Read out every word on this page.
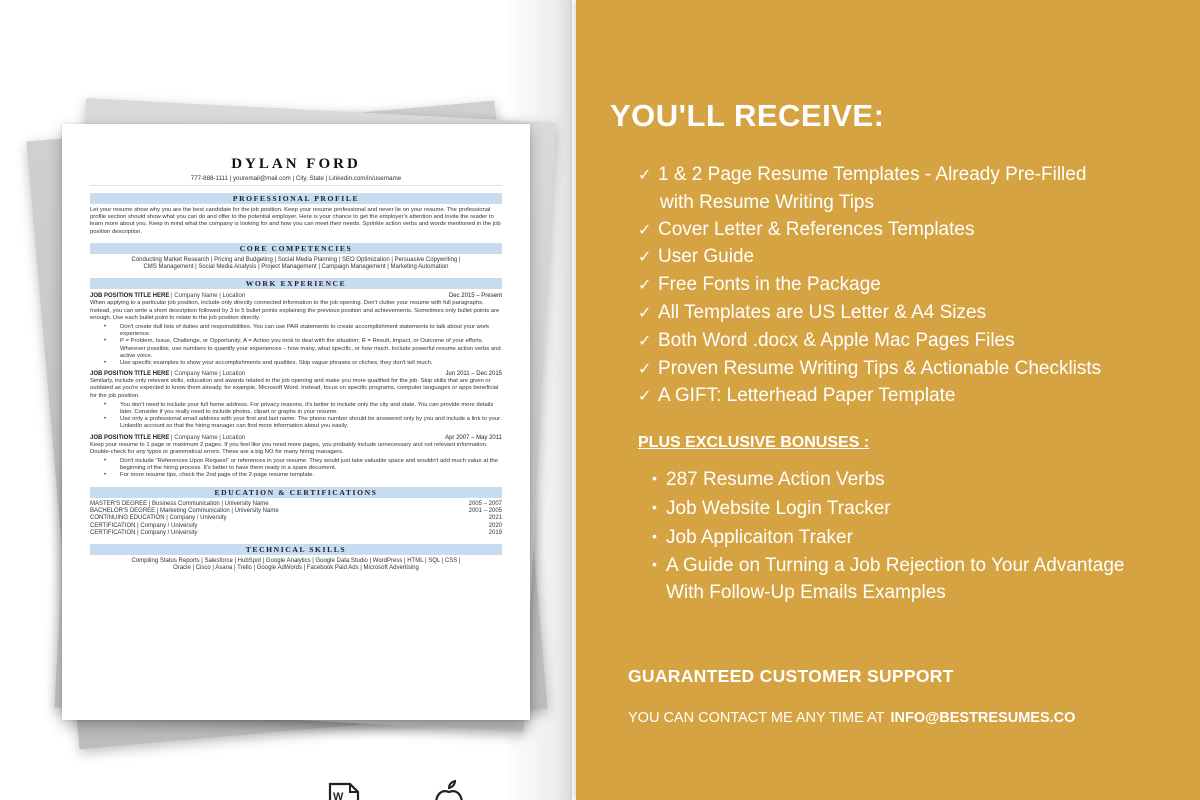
DYLAN FORD
777-888-1111 | youremail@mail.com | City, State | Linkedin.com/in/username
PROFESSIONAL PROFILE
Let your resume show why you are the best candidate for the job position. Keep your resume professional and never lie on your resume. The professional profile section should show what you can do and offer to the potential employer. Here is your chance to get the employer's attention and invite the reader to learn more about you. Keep in mind what the company is looking for and how you can meet their needs. Sprinkle action verbs and words mentioned in the job position description.
CORE COMPETENCIES
Conducting Market Research | Pricing and Budgeting | Social Media Planning | SEO Optimization | Persuasive Copywriting |
CMS Management | Social Media Analysis | Project Management | Campaign Management | Marketing Automation
WORK EXPERIENCE
JOB POSITION TITLE HERE | Company Name | Location	Dec 2015 – Present
When applying to a particular job position, include only directly connected information to the job opening. Don't clutter your resume with full paragraphs. Instead, you can write a short description followed by 3 to 5 bullet points explaining the previous position and achievements. Sometimes only bullet points are enough. Use each bullet point to relate to the job position directly.
• Don't create dull lists of duties and responsibilities. You can use PAR statements to create accomplishment statements to talk about your work experience.
• P = Problem, Issue, Challenge, or Opportunity; A = Action you took to deal with the situation; R = Result, Impact, or Outcome of your efforts. Wherever possible, use numbers to quantify your experiences – how many, what specific, or how much. Include powerful resume action verbs and active voice.
• Use specific examples to show your accomplishments and qualities. Skip vague phrases or cliches, they don't tell much.
JOB POSITION TITLE HERE | Company Name | Location	Jun 2011 – Dec 2015
Similarly, include only relevant skills, education and awards related to the job opening and make you more qualified for the job. Skip skills that are given or outdated as you're expected to know them already, for example, Microsoft Word. Instead, focus on specific programs, computer languages or apps beneficial for the job position.
• You don't need to include your full home address. For privacy reasons, it's better to include only the city and state. You can provide more details later. Consider if you really need to include photos, clipart or graphs in your resume.
• Use only a professional email address with your first and last name. The phone number should be answered only by you and include a link to your LinkedIn account so that the hiring manager can find more information about you easily.
JOB POSITION TITLE HERE | Company Name | Location	Apr 2007 – May 2011
Keep your resume to 1 page or maximum 2 pages. If you feel like you need more pages, you probably include unnecessary and not relevant information. Double-check for any typos or grammatical errors. These are a big NO for many hiring managers.
• Don't include "References Upon Request" or references in your resume. They would just take valuable space and wouldn't add much value at the beginning of the hiring process. It's better to have them ready in a spare document.
• For more resume tips, check the 2nd page of the 2-page resume template.
EDUCATION & CERTIFICATIONS
MASTER'S DEGREE | Business Communication | University Name	2005 – 2007
BACHELOR'S DEGREE | Marketing Communication | University Name	2001 – 2005
CONTINUING EDUCATION | Company / University	2021
CERTIFICATION | Company / University	2020
CERTIFICATION | Company / University	2019
TECHNICAL SKILLS
Compiling Status Reports | Salesforce | HubSpot | Google Analytics | Google Data Studio | WordPress | HTML | SQL | CSS |
Oracle | Cisco | Asana | Trello | Google AdWords | Facebook Paid Ads | Microsoft Advertising
W
YOU'LL RECEIVE:
✓ 1 & 2 Page Resume Templates - Already Pre-Filled
with Resume Writing Tips
✓ Cover Letter & References Templates
✓ User Guide
✓ Free Fonts in the Package
✓ All Templates are US Letter & A4 Sizes
✓ Both Word .docx & Apple Mac Pages Files
✓ Proven Resume Writing Tips & Actionable Checklists
✓ A GIFT: Letterhead Paper Template
PLUS EXCLUSIVE BONUSES :
• 287 Resume Action Verbs
• Job Website Login Tracker
• Job Applicaiton Traker
• A Guide on Turning a Job Rejection to Your Advantage
With Follow-Up Emails Examples
GUARANTEED CUSTOMER SUPPORT
YOU CAN CONTACT ME ANY TIME AT INFO@BESTRESUMES.CO
